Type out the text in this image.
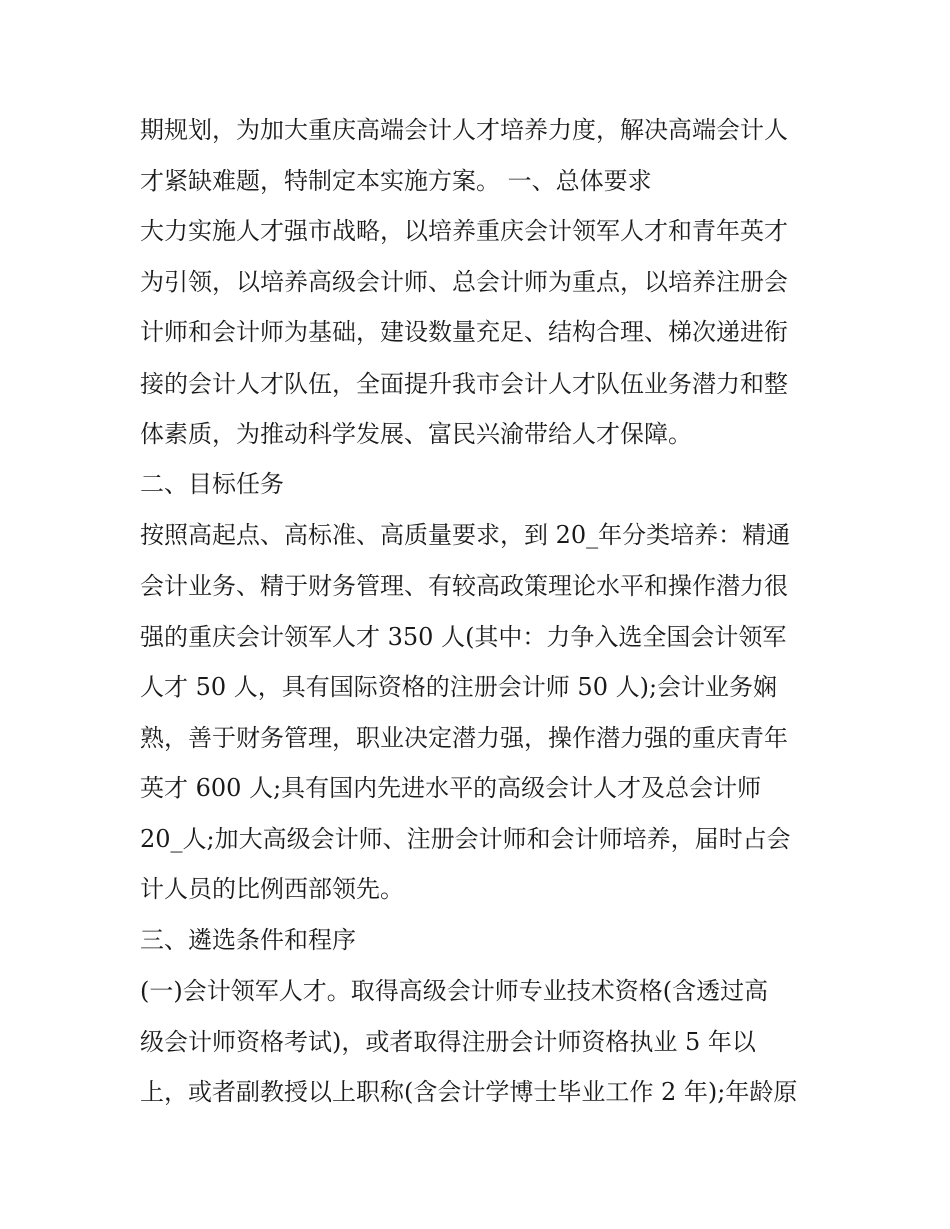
期规划，为加大重庆高端会计人才培养力度，解决高端会计人
才紧缺难题，特制定本实施方案。 一、总体要求
大力实施人才强市战略，以培养重庆会计领军人才和青年英才
为引领，以培养高级会计师、总会计师为重点，以培养注册会
计师和会计师为基础，建设数量充足、结构合理、梯次递进衔
接的会计人才队伍，全面提升我市会计人才队伍业务潜力和整
体素质，为推动科学发展、富民兴渝带给人才保障。
二、目标任务
按照高起点、高标准、高质量要求，到 20_年分类培养：精通
会计业务、精于财务管理、有较高政策理论水平和操作潜力很
强的重庆会计领军人才 350 人(其中：力争入选全国会计领军
人才 50 人，具有国际资格的注册会计师 50 人);会计业务娴
熟，善于财务管理，职业决定潜力强，操作潜力强的重庆青年
英才 600 人;具有国内先进水平的高级会计人才及总会计师
20_人;加大高级会计师、注册会计师和会计师培养，届时占会
计人员的比例西部领先。
三、遴选条件和程序
(一)会计领军人才。取得高级会计师专业技术资格(含透过高
级会计师资格考试)，或者取得注册会计师资格执业 5 年以
上，或者副教授以上职称(含会计学博士毕业工作 2 年);年龄原
